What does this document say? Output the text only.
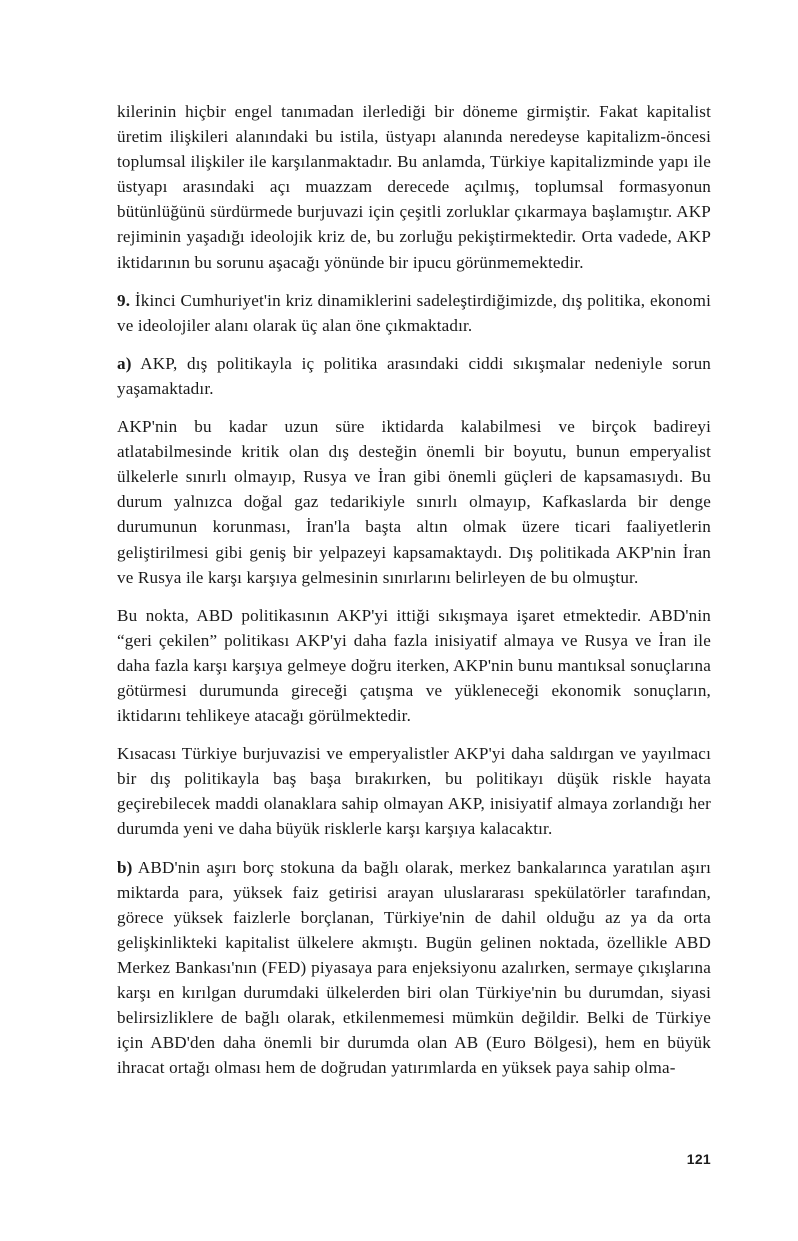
kilerinin hiçbir engel tanımadan ilerlediği bir döneme girmiştir. Fakat kapitalist üretim ilişkileri alanındaki bu istila, üstyapı alanında neredeyse kapitalizm-öncesi toplumsal ilişkiler ile karşılanmaktadır. Bu anlamda, Türkiye kapitalizminde yapı ile üstyapı arasındaki açı muazzam derecede açılmış, toplumsal formasyonun bütünlüğünü sürdürmede burjuvazi için çeşitli zorluklar çıkarmaya başlamıştır. AKP rejiminin yaşadığı ideolojik kriz de, bu zorluğu pekiştirmektedir. Orta vadede, AKP iktidarının bu sorunu aşacağı yönünde bir ipucu görünmemektedir.

9. İkinci Cumhuriyet'in kriz dinamiklerini sadeleştirdiğimizde, dış politika, ekonomi ve ideolojiler alanı olarak üç alan öne çıkmaktadır.

a) AKP, dış politikayla iç politika arasındaki ciddi sıkışmalar nedeniyle sorun yaşamaktadır.

AKP'nin bu kadar uzun süre iktidarda kalabilmesi ve birçok badireyi atlatabilmesinde kritik olan dış desteğin önemli bir boyutu, bunun emperyalist ülkelerle sınırlı olmayıp, Rusya ve İran gibi önemli güçleri de kapsamasıydı. Bu durum yalnızca doğal gaz tedarikiyle sınırlı olmayıp, Kafkaslarda bir denge durumunun korunması, İran'la başta altın olmak üzere ticari faaliyetlerin geliştirilmesi gibi geniş bir yelpazeyi kapsamaktaydı. Dış politikada AKP'nin İran ve Rusya ile karşı karşıya gelmesinin sınırlarını belirleyen de bu olmuştur.

Bu nokta, ABD politikasının AKP'yi ittiği sıkışmaya işaret etmektedir. ABD'nin “geri çekilen” politikası AKP'yi daha fazla inisiyatif almaya ve Rusya ve İran ile daha fazla karşı karşıya gelmeye doğru iterken, AKP'nin bunu mantıksal sonuçlarına götürmesi durumunda gireceği çatışma ve yükleneceği ekonomik sonuçların, iktidarını tehlikeye atacağı görülmektedir.

Kısacası Türkiye burjuvazisi ve emperyalistler AKP'yi daha saldırgan ve yayılmacı bir dış politikayla baş başa bırakırken, bu politikayı düşük riskle hayata geçirebilecek maddi olanaklara sahip olmayan AKP, inisiyatif almaya zorlandığı her durumda yeni ve daha büyük risklerle karşı karşıya kalacaktır.

b) ABD'nin aşırı borç stokuna da bağlı olarak, merkez bankalarınca yaratılan aşırı miktarda para, yüksek faiz getirisi arayan uluslararası spekülatörler tarafından, görece yüksek faizlerle borçlanan, Türkiye'nin de dahil olduğu az ya da orta gelişkinlikteki kapitalist ülkelere akmıştı. Bugün gelinen noktada, özellikle ABD Merkez Bankası'nın (FED) piyasaya para enjeksiyonu azalırken, sermaye çıkışlarına karşı en kırılgan durumdaki ülkelerden biri olan Türkiye'nin bu durumdan, siyasi belirsizliklere de bağlı olarak, etkilenmemesi mümkün değildir. Belki de Türkiye için ABD'den daha önemli bir durumda olan AB (Euro Bölgesi), hem en büyük ihracat ortağı olması hem de doğrudan yatırımlarda en yüksek paya sahip olma-

121
